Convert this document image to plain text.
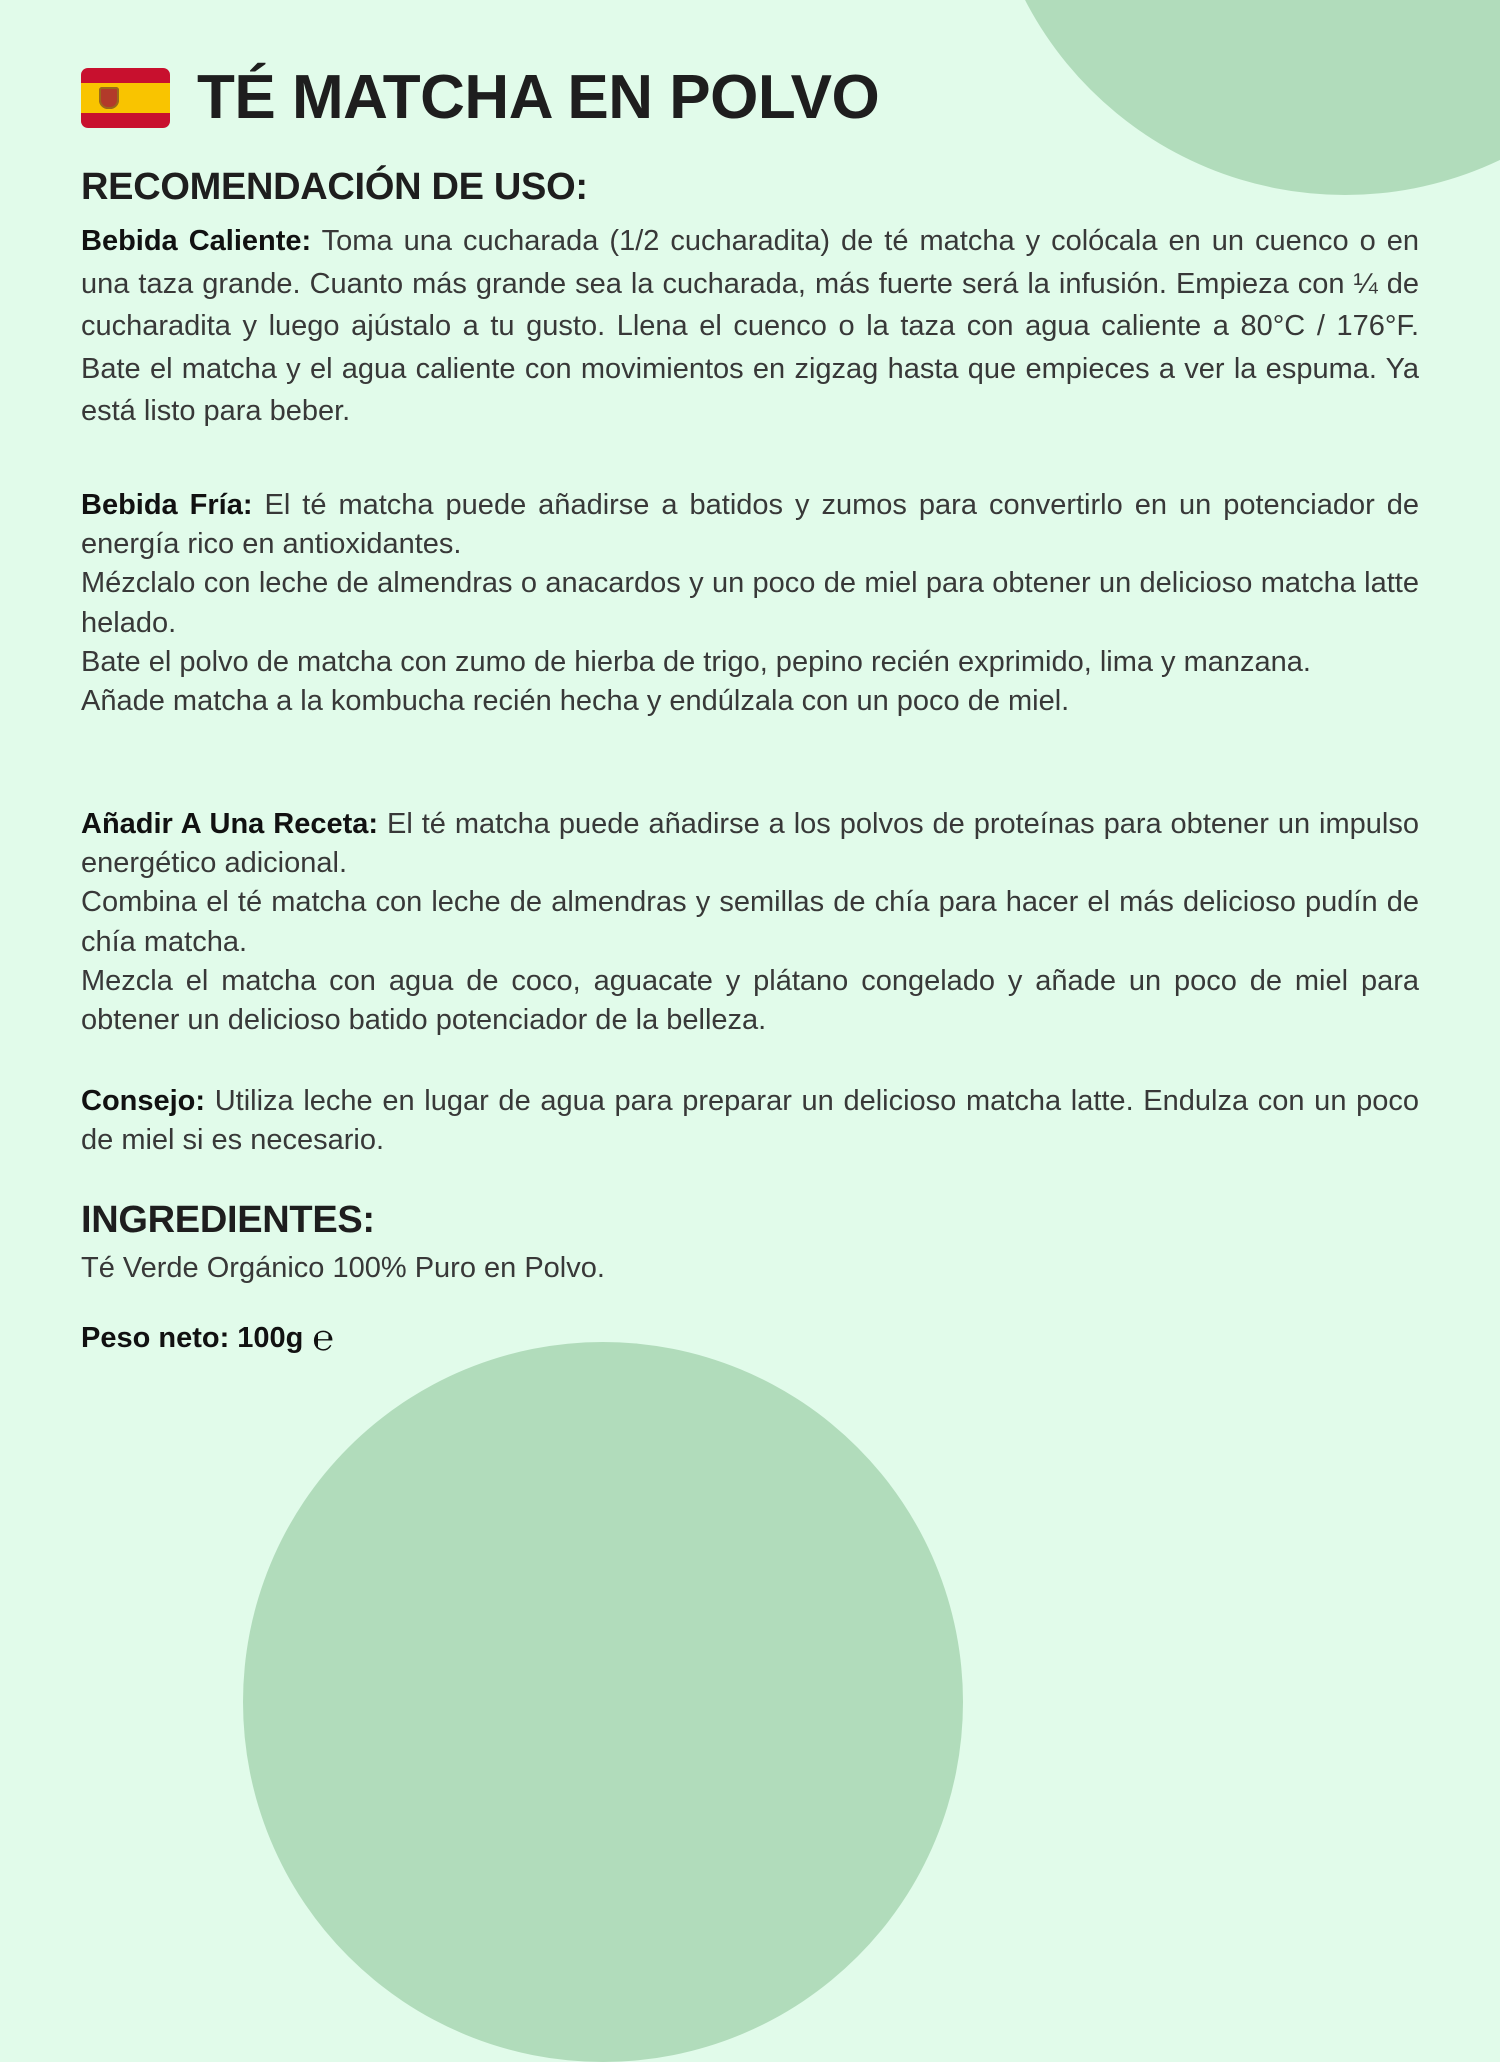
TÉ MATCHA EN POLVO
RECOMENDACIÓN DE USO:
Bebida Caliente: Toma una cucharada (1/2 cucharadita) de té matcha y colócala en un cuenco o en una taza grande. Cuanto más grande sea la cucharada, más fuerte será la infusión. Empieza con ¼ de cucharadita y luego ajústalo a tu gusto. Llena el cuenco o la taza con agua caliente a 80°C / 176°F. Bate el matcha y el agua caliente con movimientos en zigzag hasta que empieces a ver la espuma. Ya está listo para beber.
Bebida Fría: El té matcha puede añadirse a batidos y zumos para convertirlo en un potenciador de energía rico en antioxidantes.
Mézclalo con leche de almendras o anacardos y un poco de miel para obtener un delicioso matcha latte helado.
Bate el polvo de matcha con zumo de hierba de trigo, pepino recién exprimido, lima y manzana.
Añade matcha a la kombucha recién hecha y endúlzala con un poco de miel.
Añadir A Una Receta: El té matcha puede añadirse a los polvos de proteínas para obtener un impulso energético adicional.
Combina el té matcha con leche de almendras y semillas de chía para hacer el más delicioso pudín de chía matcha.
Mezcla el matcha con agua de coco, aguacate y plátano congelado y añade un poco de miel para obtener un delicioso batido potenciador de la belleza.
Consejo: Utiliza leche en lugar de agua para preparar un delicioso matcha latte. Endulza con un poco de miel si es necesario.
INGREDIENTES:
Té Verde Orgánico 100% Puro en Polvo.
Peso neto: 100g ℮
